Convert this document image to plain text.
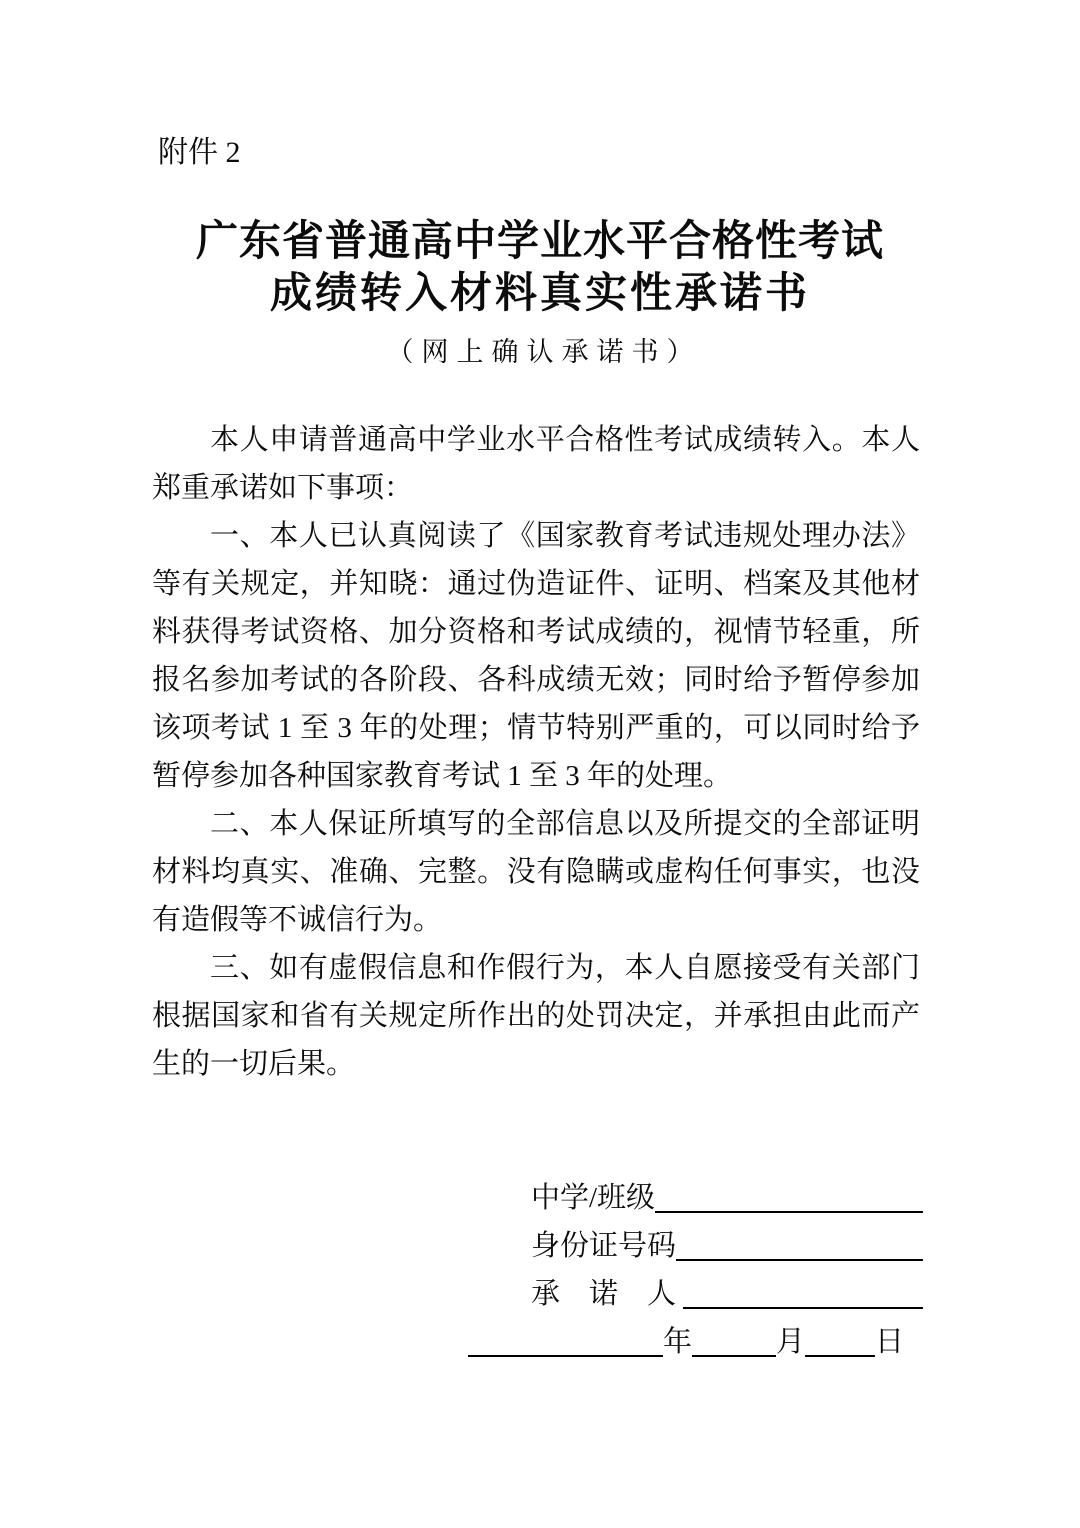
附件 2
广东省普通高中学业水平合格性考试
成绩转入材料真实性承诺书
（网上确认承诺书）
本人申请普通高中学业水平合格性考试成绩转入。本人
郑重承诺如下事项：
一、本人已认真阅读了《国家教育考试违规处理办法》
等有关规定，并知晓：通过伪造证件、证明、档案及其他材
料获得考试资格、加分资格和考试成绩的，视情节轻重，所
报名参加考试的各阶段、各科成绩无效；同时给予暂停参加
该项考试 1 至 3 年的处理；情节特别严重的，可以同时给予
暂停参加各种国家教育考试 1 至 3 年的处理。
二、本人保证所填写的全部信息以及所提交的全部证明
材料均真实、准确、完整。没有隐瞒或虚构任何事实，也没
有造假等不诚信行为。
三、如有虚假信息和作假行为，本人自愿接受有关部门
根据国家和省有关规定所作出的处罚决定，并承担由此而产
生的一切后果。
中学/班级
身份证号码
承　诺　人
年	月 日
